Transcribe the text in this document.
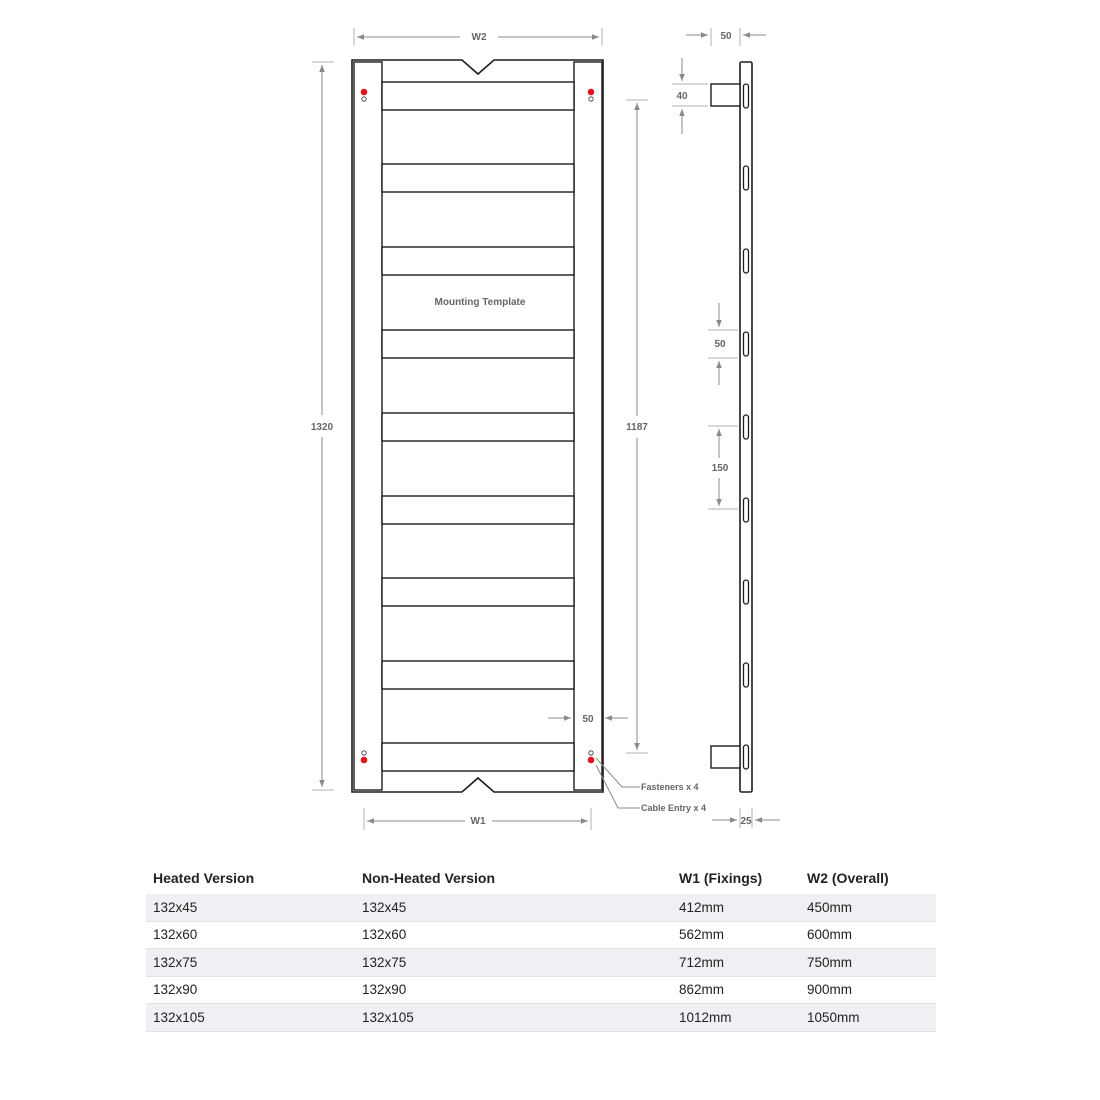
Mounting Template
W2
W1
1320	1187
50
Fasteners x 4
Cable Entry x 4
50
40
50
150
25
Heated Version	Non-Heated Version	W1 (Fixings)	W2 (Overall)
132x45	132x45	412mm	450mm
132x60	132x60	562mm	600mm
132x75	132x75	712mm	750mm
132x90	132x90	862mm	900mm
132x105	132x105	1012mm	1050mm
